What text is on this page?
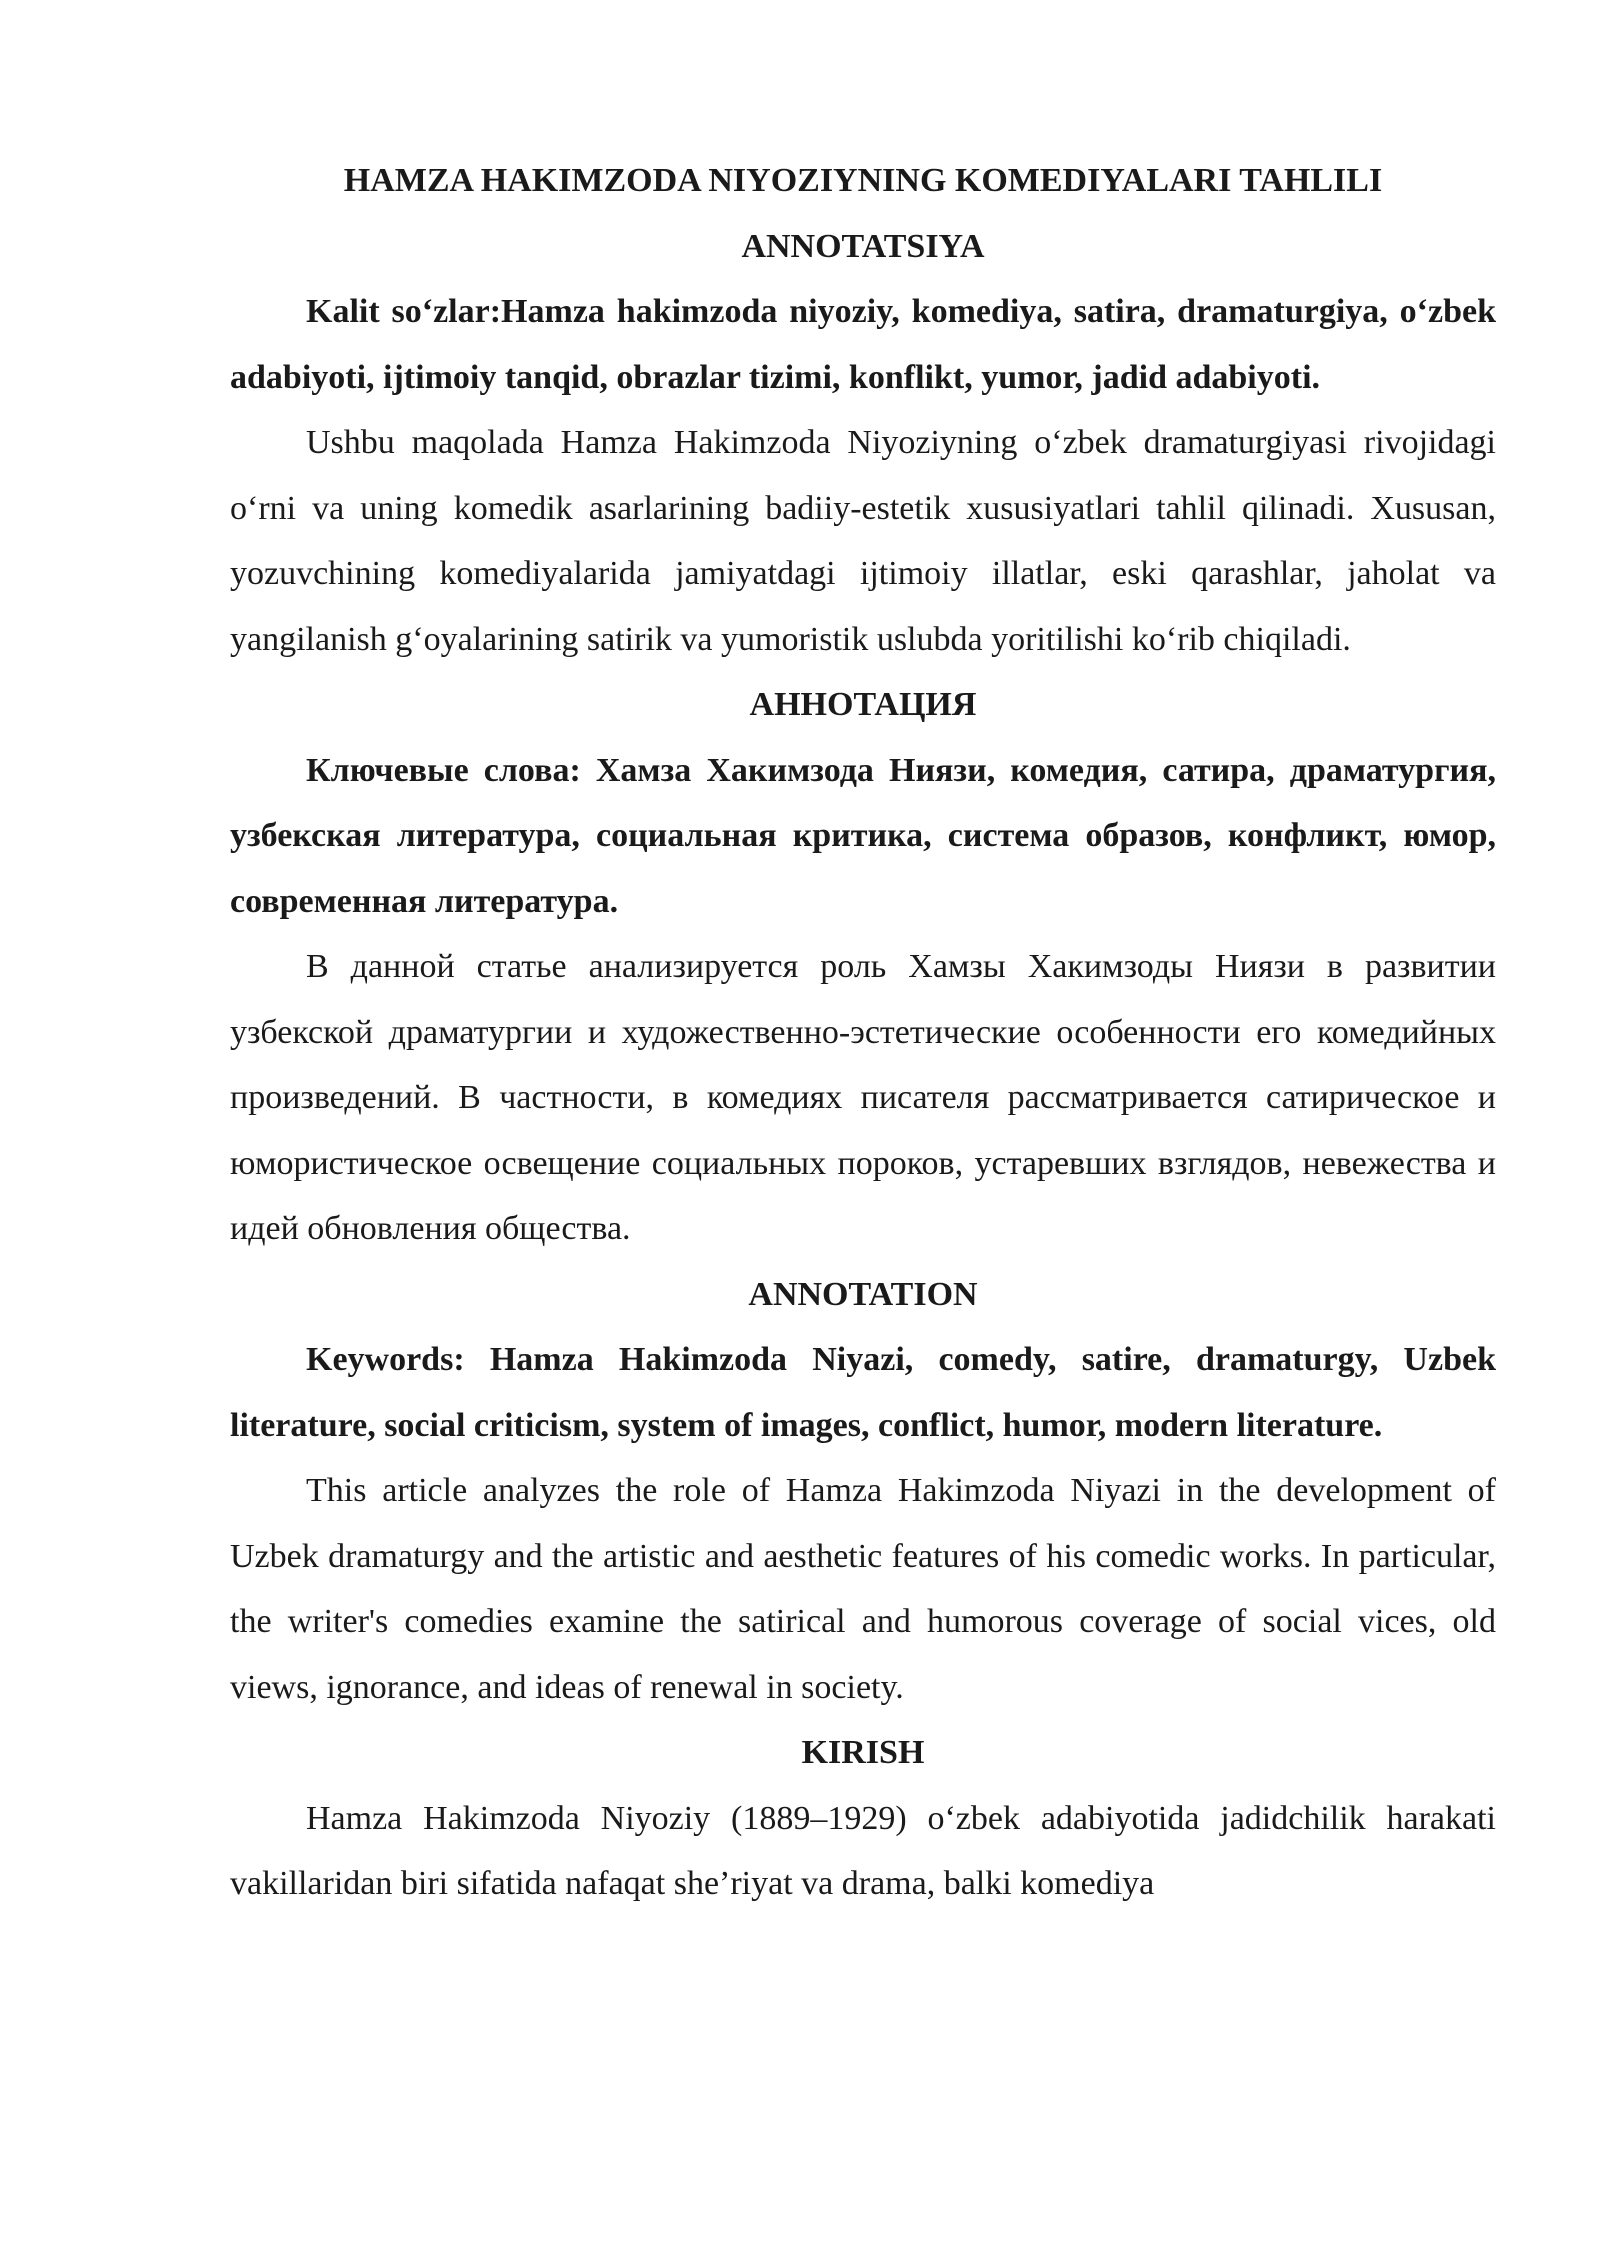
HAMZA HAKIMZODA NIYOZIYNING KOMEDIYALARI TAHLILI
ANNOTATSIYA

Kalit so‘zlar:Hamza hakimzoda niyoziy, komediya, satira, dramaturgiya, o‘zbek adabiyoti, ijtimoiy tanqid, obrazlar tizimi, konflikt, yumor, jadid adabiyoti.

Ushbu maqolada Hamza Hakimzoda Niyoziyning o‘zbek dramaturgiyasi rivojidagi o‘rni va uning komedik asarlarining badiiy-estetik xususiyatlari tahlil qilinadi. Xususan, yozuvchining komediyalarida jamiyatdagi ijtimoiy illatlar, eski qarashlar, jaholat va yangilanish g‘oyalarining satirik va yumoristik uslubda yoritilishi ko‘rib chiqiladi.

АННОТАЦИЯ

Ключевые слова: Хамза Хакимзода Ниязи, комедия, сатира, драматургия, узбекская литература, социальная критика, система образов, конфликт, юмор, современная литература.

В данной статье анализируется роль Хамзы Хакимзоды Ниязи в развитии узбекской драматургии и художественно-эстетические особенности его комедийных произведений. В частности, в комедиях писателя рассматривается сатирическое и юмористическое освещение социальных пороков, устаревших взглядов, невежества и идей обновления общества.

ANNOTATION

Keywords: Hamza Hakimzoda Niyazi, comedy, satire, dramaturgy, Uzbek literature, social criticism, system of images, conflict, humor, modern literature.

This article analyzes the role of Hamza Hakimzoda Niyazi in the development of Uzbek dramaturgy and the artistic and aesthetic features of his comedic works. In particular, the writer's comedies examine the satirical and humorous coverage of social vices, old views, ignorance, and ideas of renewal in society.

KIRISH

Hamza Hakimzoda Niyoziy (1889–1929) o‘zbek adabiyotida jadidchilik harakati vakillaridan biri sifatida nafaqat she’riyat va drama, balki komediya
